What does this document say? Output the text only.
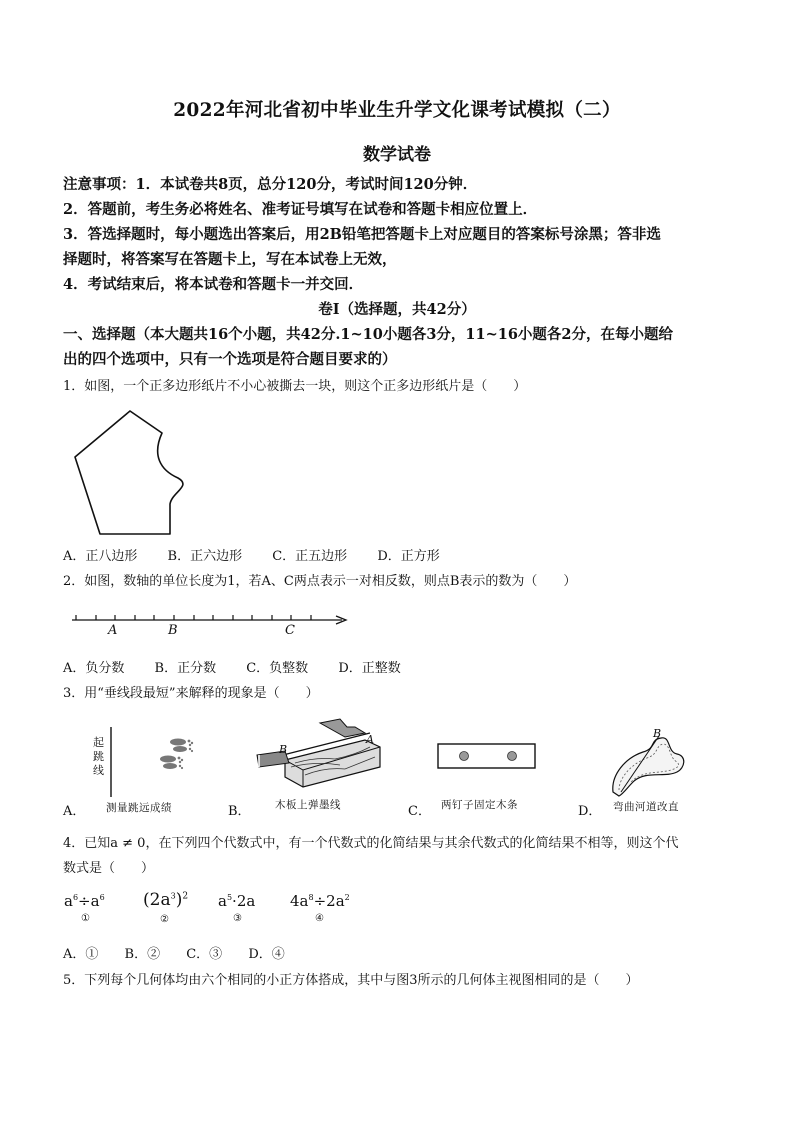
2022年河北省初中毕业生升学文化课考试模拟（二）
数学试卷
注意事项：1．本试卷共8页，总分120分，考试时间120分钟．
2．答题前，考生务必将姓名、准考证号填写在试卷和答题卡相应位置上．
3．答选择题时，每小题选出答案后，用2B铅笔把答题卡上对应题目的答案标号涂黑；答非选
择题时，将答案写在答题卡上，写在本试卷上无效，
4．考试结束后，将本试卷和答题卡一并交回．
卷Ⅰ（选择题，共42分）
一、选择题（本大题共16个小题，共42分.1~10小题各3分，11~16小题各2分，在每小题给
出的四个选项中，只有一个选项是符合题目要求的）
1．如图，一个正多边形纸片不小心被撕去一块，则这个正多边形纸片是（　　）
A．正八边形 B．正六边形 C．正五边形 D．正方形
2．如图，数轴的单位长度为1，若A、C两点表示一对相反数，则点B表示的数为（　　）
A	B	C
A．负分数 B．正分数 C．负整数 D．正整数
3．用“垂线段最短”来解释的现象是（　　）
起
跳
线
A． 测量跳远成绩
B
A
B． 木板上弹墨线	C． 两钉子固定木条
B
D． 弯曲河道改直
4．已知a ≠ 0，在下列四个代数式中，有一个代数式的化简结果与其余代数式的化简结果不相等，则这个代
数式是（　　）
$a^6\div a^6$
①
$(2a^3)^2$
②
$a^5\cdot 2a$
③
$4a^8\div 2a^2$
④
A．① B．② C．③ D．④
5．下列每个几何体均由六个相同的小正方体搭成，其中与图3所示的几何体主视图相同的是（　　）
